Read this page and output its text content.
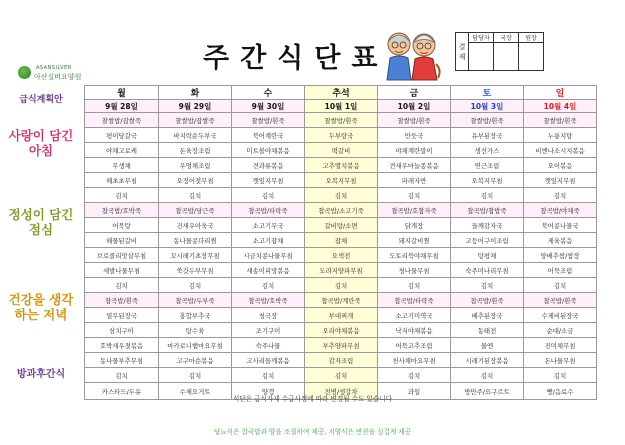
ASANSILVER
아산실버요양원
주간식단표	결재	담당자	국장	원장

급식계획안
사랑이 담긴 아침
정성이 담긴 점심
건강을 생각하는 저녁
방과후간식
월	화	수	추석	금	토	일
9월 28일	9월 29일	9월 30일	10월 1일	10월 2일	10월 3일	10월 4일
찰쌀밥/잡쌀죽	찰쌀밥/잡쌀죽	찰쌀밥/흰죽	찰쌀밥/흰죽	찰쌀밥/흰죽	찰쌀밥/흰죽	찰쌀밥/흰죽
평이당갈국	바지락순두부국	북어계란국	두부탕국	만둣국	유부된장국	누룽지탕
야채고로케	돈육장조림	미트볼야채볶음	떡갈비	야채계란말이	생선가스	비엔나소시지볶음
무생채	우엉채조림	견과류볶음	고추멸치볶음	견새우마늘종볶음	연근조림	오이볶음
해초초무침	오징어젓무침	깻잎지무침	오복지무침	파래자반	오복지무침	깻잎지무침
김치	김치	김치	김치	김치	김치	김치
찹곡밥/호박죽	찹곡밥/당근죽	찹곡밥/타락죽	찹곡밥/소고기죽	찹곡밥/호찹자죽	찹곡밥/찹밥죽	찹곡밥/야채죽
어묵탕	건새우아욱국	소고기무국	갈비탕/소면	닭개장	들깨감자국	북어콩나물국
해물된갈비	동나물콩다리찜	소고기잡채	잡채	돼지갈비찜	고등어구이조림	제육볶음
브로콜리맛살무침	꼬시래기초장무침	시금치콩나물무침	오색전	도토리묵야채무침	탕평채	양배추쌈/쌈장
세발나물무침	쑥갓두부무침	새송이피망볶음	도라지양파무침	청나물무침	숙주미나리무침	어묵조림
김치	김치	김치	김치	김치	김치	김치
찹곡밥/흰죽	찹곡밥/두부죽	찹곡밥/호박죽	찹곡밥/계란죽	찹곡밥/타락죽	찹곡밥/흰죽	찹곡밥/흰죽
열무된장국	홍합부추국	청국장	부대찌개	소고기미역국	배추된장국	수제비된장국
삼치구이	탕수육	조기구이	오리야채볶음	낙지야채볶음	동태전	순대/소금
호박새우젓볶음	마카로니햄마요무침	숙주나물	부추양파무침	어묵고추조림	물엔	진미채무침
동나물부추무침	고구마순볶음	고사리들깨볶음	감자조림	천사채마요무침	시래기된장볶음	돈나물무침
김치	김치	김치	김치	김치	김치	김치
카스타드/두유	수제요거트	양갱	전병/생강차	과일	방만주/요구르트	빵/음료수
식단은 급식자재 수급사정에 따라 변경될 수도 있습니다
당뇨식은 잡곡밥과 양을 조절하여 제공, 저염식은 반찬을 싱겁게 제공
